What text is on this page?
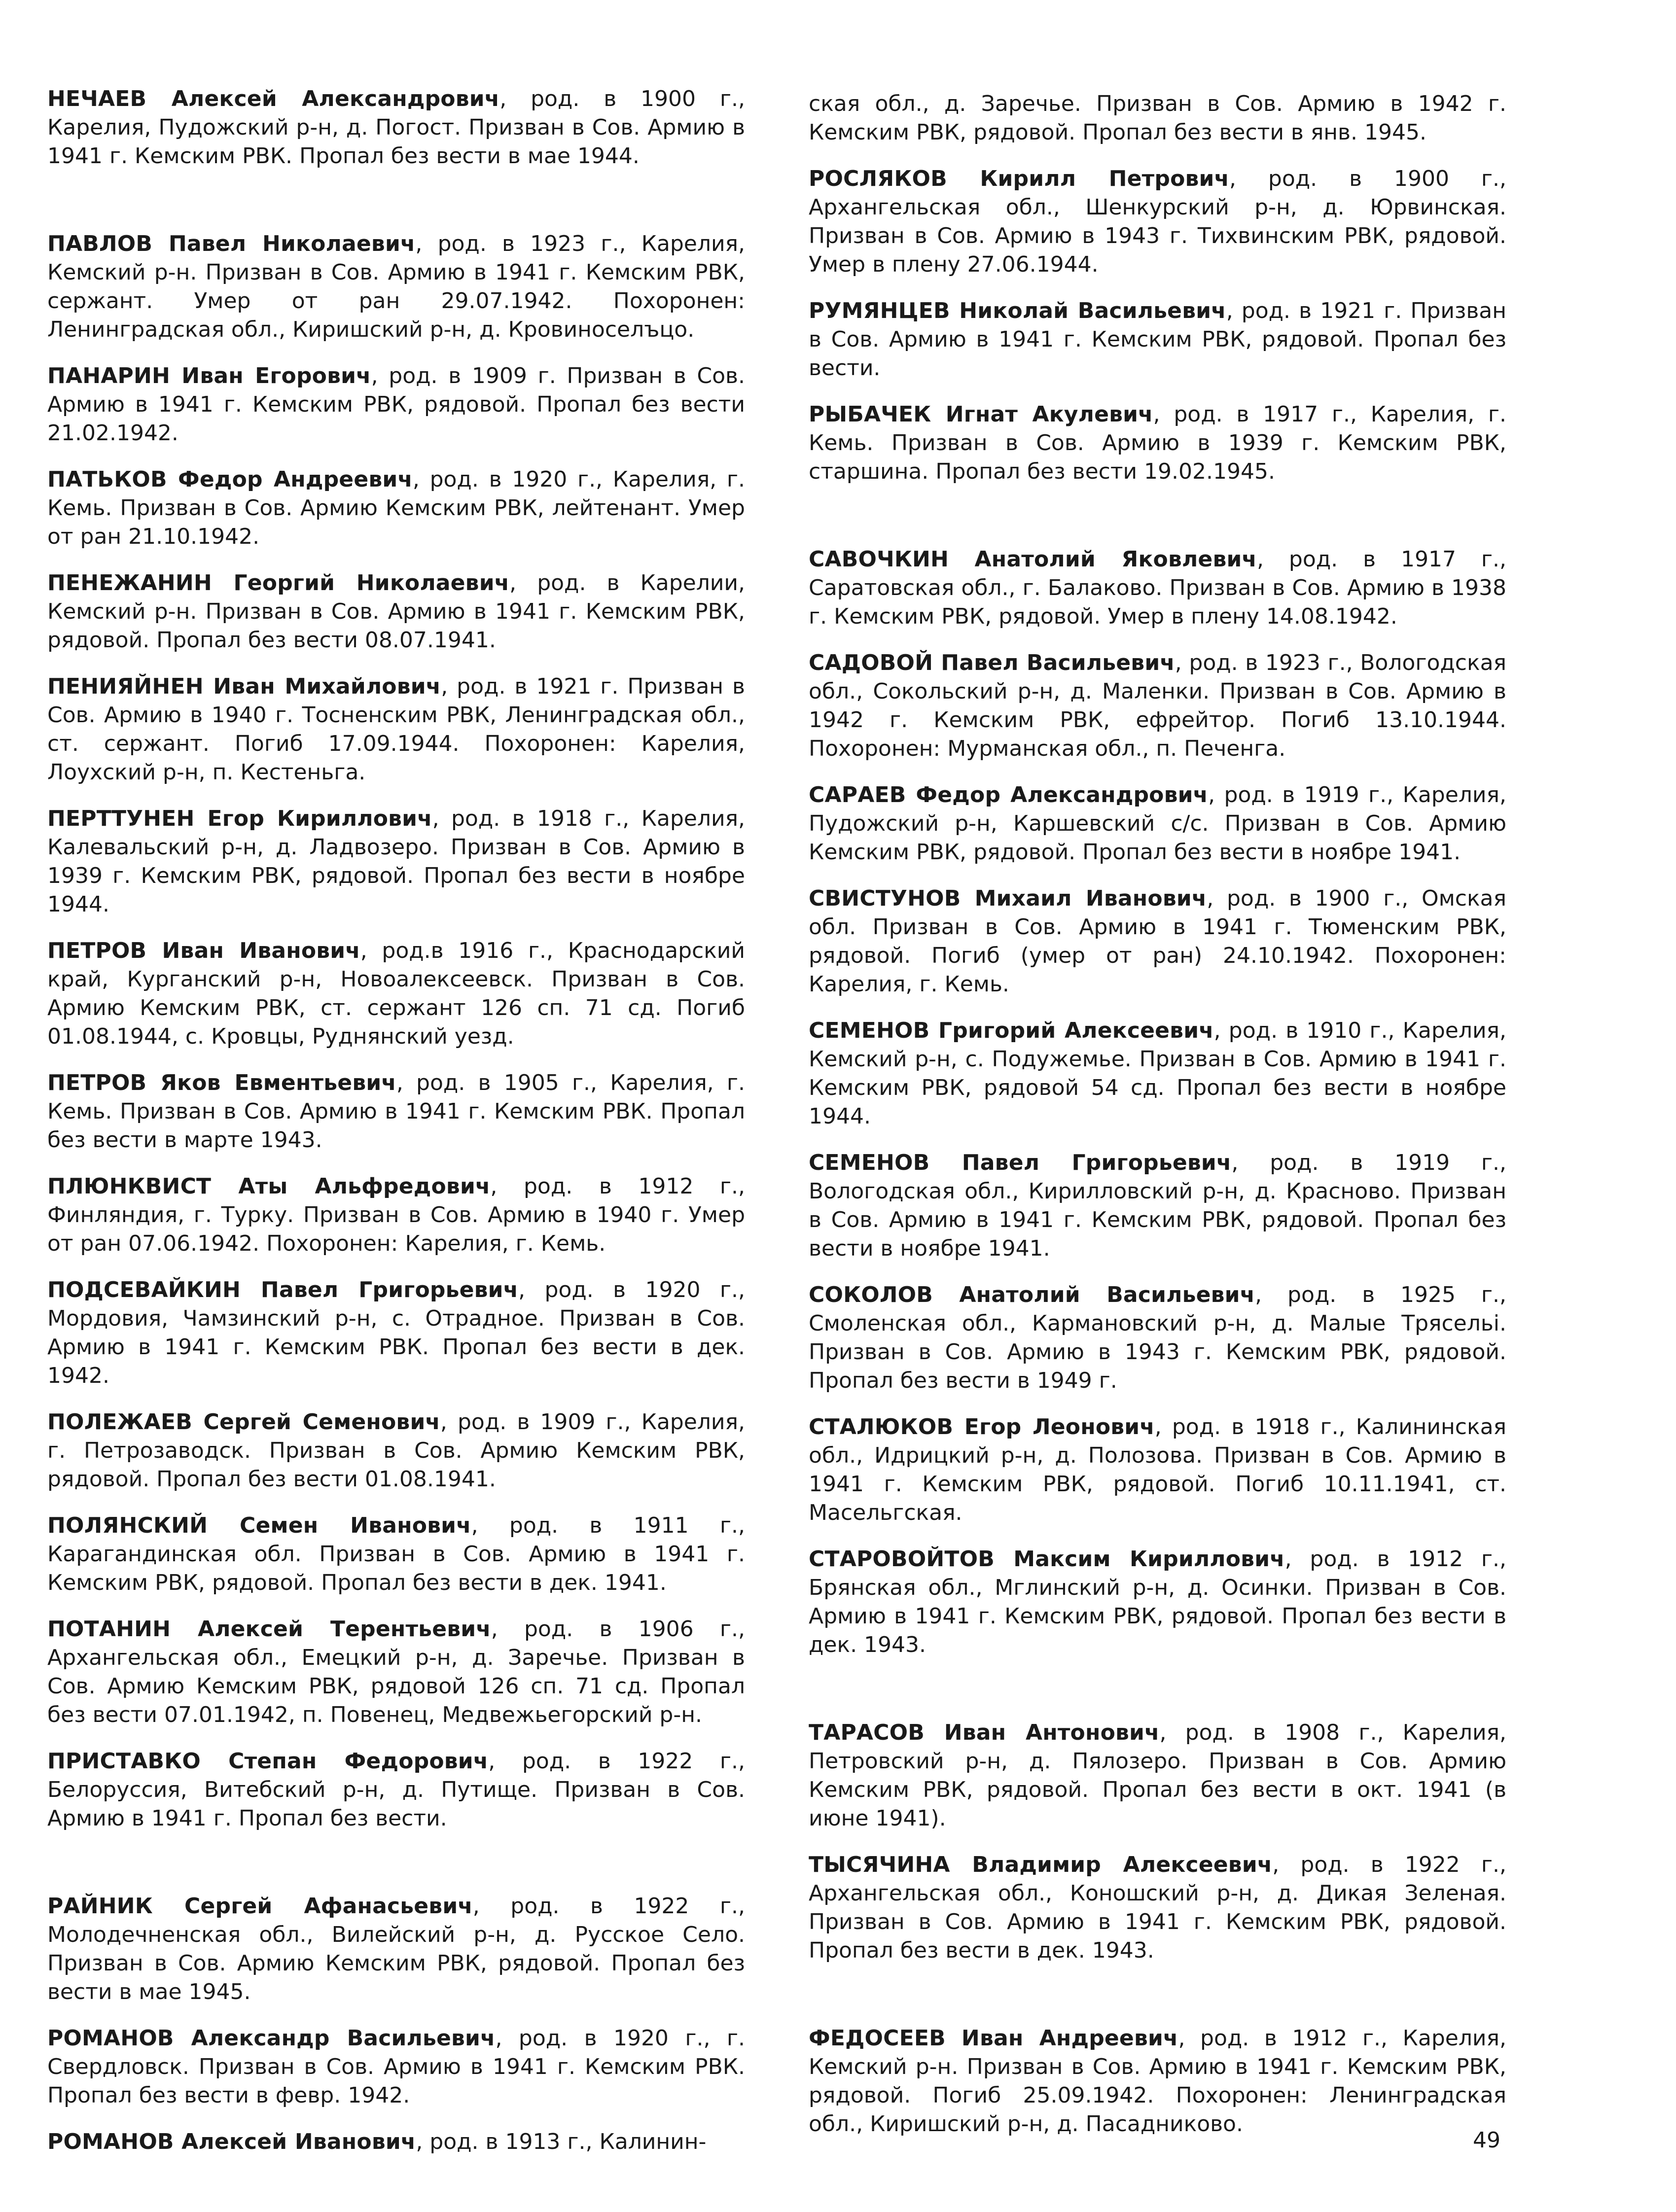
НЕЧАЕВ Алексей Александрович, род. в 1900 г., Карелия, Пудожский р-н, д. Погост. Призван в Сов. Армию в 1941 г. Кемским РВК. Пропал без вести в мае 1944.

ПАВЛОВ Павел Николаевич, род. в 1923 г., Карелия, Кемский р-н. Призван в Сов. Армию в 1941 г. Кемским РВК, сержант. Умер от ран 29.07.1942. Похоронен: Ленинградская обл., Киришский р-н, д. Кровиноселъцо.

ПАНАРИН Иван Егорович, род. в 1909 г. Призван в Сов. Армию в 1941 г. Кемским РВК, рядовой. Пропал без вести 21.02.1942.

ПАТЬКОВ Федор Андреевич, род. в 1920 г., Карелия, г. Кемь. Призван в Сов. Армию Кемским РВК, лейтенант. Умер от ран 21.10.1942.

ПЕНЕЖАНИН Георгий Николаевич, род. в Карелии, Кемский р-н. Призван в Сов. Армию в 1941 г. Кемским РВК, рядовой. Пропал без вести 08.07.1941.

ПЕНИЯЙНЕН Иван Михайлович, род. в 1921 г. Призван в Сов. Армию в 1940 г. Тосненским РВК, Ленинградская обл., ст. сержант. Погиб 17.09.1944. Похоронен: Карелия, Лоухский р-н, п. Кестеньга.

ПЕРТТУНЕН Егор Кириллович, род. в 1918 г., Карелия, Калевальский р-н, д. Ладвозеро. Призван в Сов. Армию в 1939 г. Кемским РВК, рядовой. Пропал без вести в ноябре 1944.

ПЕТРОВ Иван Иванович, род.в 1916 г., Краснодарский край, Курганский р-н, Новоалексеевск. Призван в Сов. Армию Кемским РВК, ст. сержант 126 сп. 71 сд. Погиб 01.08.1944, с. Кровцы, Руднянский уезд.

ПЕТРОВ Яков Евментьевич, род. в 1905 г., Карелия, г. Кемь. Призван в Сов. Армию в 1941 г. Кемским РВК. Пропал без вести в марте 1943.

ПЛЮНКВИСТ Аты Альфредович, род. в 1912 г., Финляндия, г. Турку. Призван в Сов. Армию в 1940 г. Умер от ран 07.06.1942. Похоронен: Карелия, г. Кемь.

ПОДСЕВАЙКИН Павел Григорьевич, род. в 1920 г., Мордовия, Чамзинский р-н, с. Отрадное. Призван в Сов. Армию в 1941 г. Кемским РВК. Пропал без вести в дек. 1942.

ПОЛЕЖАЕВ Сергей Семенович, род. в 1909 г., Карелия, г. Петрозаводск. Призван в Сов. Армию Кемским РВК, рядовой. Пропал без вести 01.08.1941.

ПОЛЯНСКИЙ Семен Иванович, род. в 1911 г., Карагандинская обл. Призван в Сов. Армию в 1941 г. Кемским РВК, рядовой. Пропал без вести в дек. 1941.

ПОТАНИН Алексей Терентьевич, род. в 1906 г., Архангельская обл., Емецкий р-н, д. Заречье. Призван в Сов. Армию Кемским РВК, рядовой 126 сп. 71 сд. Пропал без вести 07.01.1942, п. Повенец, Медвежьегорский р-н.

ПРИСТАВКО Степан Федорович, род. в 1922 г., Белоруссия, Витебский р-н, д. Путище. Призван в Сов. Армию в 1941 г. Пропал без вести.

РАЙНИК Сергей Афанасьевич, род. в 1922 г., Молодечненская обл., Вилейский р-н, д. Русское Село. Призван в Сов. Армию Кемским РВК, рядовой. Пропал без вести в мае 1945.

РОМАНОВ Александр Васильевич, род. в 1920 г., г. Свердловск. Призван в Сов. Армию в 1941 г. Кемским РВК. Пропал без вести в февр. 1942.

РОМАНОВ Алексей Иванович, род. в 1913 г., Калинин-

ская обл., д. Заречье. Призван в Сов. Армию в 1942 г. Кемским РВК, рядовой. Пропал без вести в янв. 1945.

РОСЛЯКОВ Кирилл Петрович, род. в 1900 г., Архангельская обл., Шенкурский р-н, д. Юрвинская. Призван в Сов. Армию в 1943 г. Тихвинским РВК, рядовой. Умер в плену 27.06.1944.

РУМЯНЦЕВ Николай Васильевич, род. в 1921 г. Призван в Сов. Армию в 1941 г. Кемским РВК, рядовой. Пропал без вести.

РЫБАЧЕК Игнат Акулевич, род. в 1917 г., Карелия, г. Кемь. Призван в Сов. Армию в 1939 г. Кемским РВК, старшина. Пропал без вести 19.02.1945.

САВОЧКИН Анатолий Яковлевич, род. в 1917 г., Саратовская обл., г. Балаково. Призван в Сов. Армию в 1938 г. Кемским РВК, рядовой. Умер в плену 14.08.1942.

САДОВОЙ Павел Васильевич, род. в 1923 г., Вологодская обл., Сокольский р-н, д. Маленки. Призван в Сов. Армию в 1942 г. Кемским РВК, ефрейтор. Погиб 13.10.1944. Похоронен: Мурманская обл., п. Печенга.

САРАЕВ Федор Александрович, род. в 1919 г., Карелия, Пудожский р-н, Каршевский с/с. Призван в Сов. Армию Кемским РВК, рядовой. Пропал без вести в ноябре 1941.

СВИСТУНОВ Михаил Иванович, род. в 1900 г., Омская обл. Призван в Сов. Армию в 1941 г. Тюменским РВК, рядовой. Погиб (умер от ран) 24.10.1942. Похоронен: Карелия, г. Кемь.

СЕМЕНОВ Григорий Алексеевич, род. в 1910 г., Карелия, Кемский р-н, с. Подужемье. Призван в Сов. Армию в 1941 г. Кемским РВК, рядовой 54 сд. Пропал без вести в ноябре 1944.

СЕМЕНОВ Павел Григорьевич, род. в 1919 г., Вологодская обл., Кирилловский р-н, д. Красново. Призван в Сов. Армию в 1941 г. Кемским РВК, рядовой. Пропал без вести в ноябре 1941.

СОКОЛОВ Анатолий Васильевич, род. в 1925 г., Смоленская обл., Кармановский р-н, д. Малые Трясельі. Призван в Сов. Армию в 1943 г. Кемским РВК, рядовой. Пропал без вести в 1949 г.

СТАЛЮКОВ Егор Леонович, род. в 1918 г., Калининская обл., Идрицкий р-н, д. Полозова. Призван в Сов. Армию в 1941 г. Кемским РВК, рядовой. Погиб 10.11.1941, ст. Масельгская.

СТАРОВОЙТОВ Максим Кириллович, род. в 1912 г., Брянская обл., Мглинский р-н, д. Осинки. Призван в Сов. Армию в 1941 г. Кемским РВК, рядовой. Пропал без вести в дек. 1943.

ТАРАСОВ Иван Антонович, род. в 1908 г., Карелия, Петровский р-н, д. Пялозеро. Призван в Сов. Армию Кемским РВК, рядовой. Пропал без вести в окт. 1941 (в июне 1941).

ТЫСЯЧИНА Владимир Алексеевич, род. в 1922 г., Архангельская обл., Коношский р-н, д. Дикая Зеленая. Призван в Сов. Армию в 1941 г. Кемским РВК, рядовой. Пропал без вести в дек. 1943.

ФЕДОСЕЕВ Иван Андреевич, род. в 1912 г., Карелия, Кемский р-н. Призван в Сов. Армию в 1941 г. Кемским РВК, рядовой. Погиб 25.09.1942. Похоронен: Ленинградская обл., Киришский р-н, д. Пасадниково.

49
